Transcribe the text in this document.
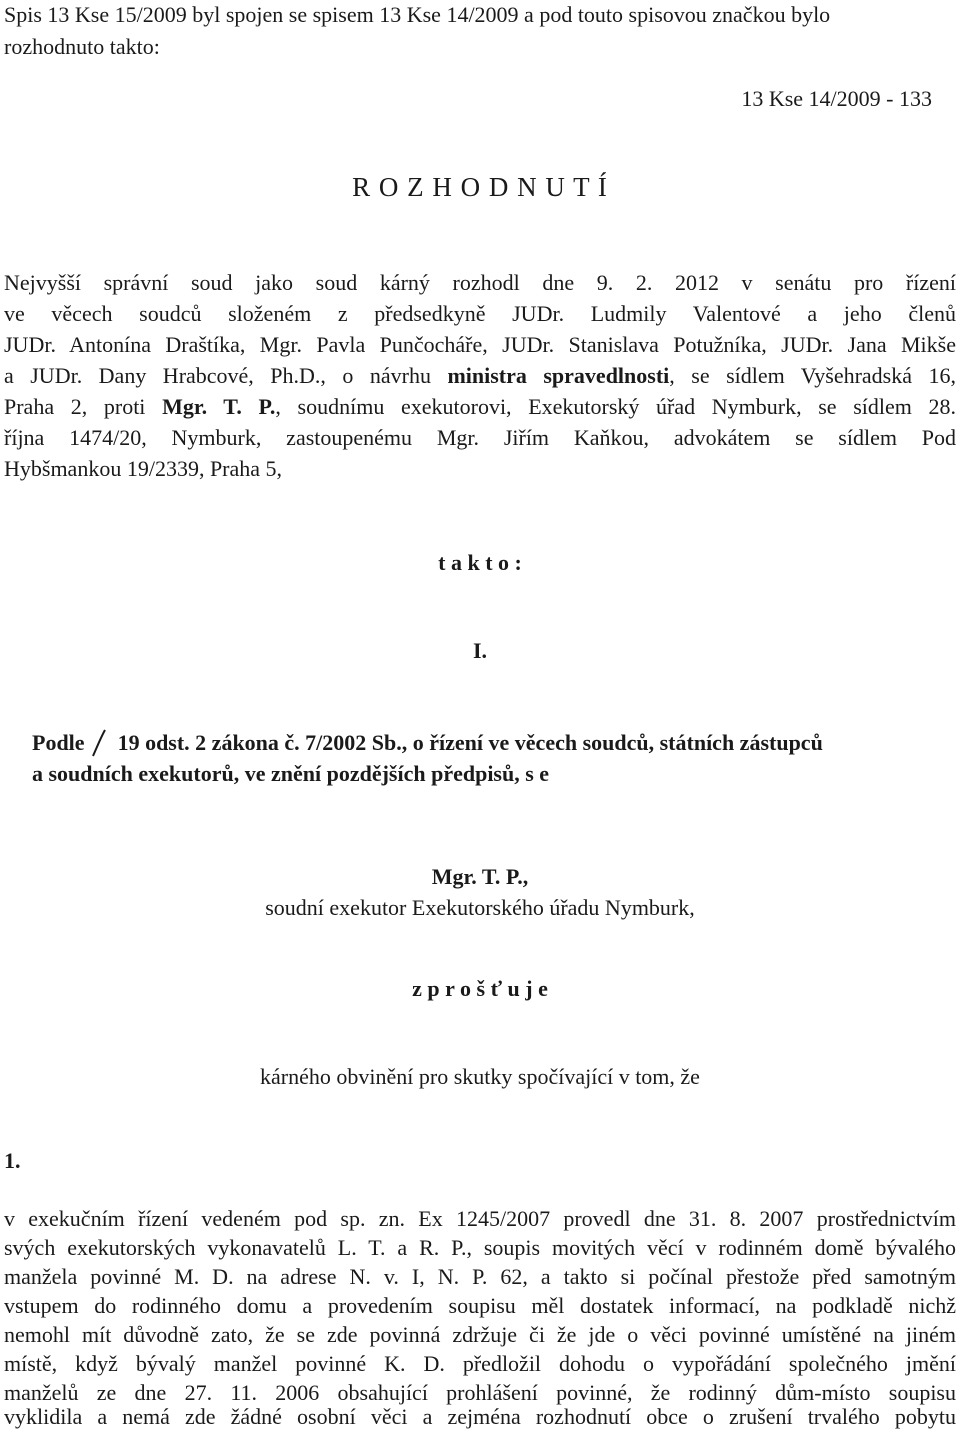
Spis 13 Kse 15/2009 byl spojen se spisem 13 Kse 14/2009 a pod touto spisovou značkou bylo
rozhodnuto takto:
13 Kse 14/2009 - 133
R O Z H O D N U T Í
Nejvyšší správní soud jako soud kárný rozhodl dne 9. 2. 2012 v senátu pro řízení
ve věcech soudců složeném z předsedkyně JUDr. Ludmily Valentové a jeho členů
JUDr. Antonína Draštíka, Mgr. Pavla Punčocháře, JUDr. Stanislava Potužníka, JUDr. Jana Mikše
a JUDr. Dany Hrabcové, Ph.D., o návrhu ministra spravedlnosti, se sídlem Vyšehradská 16,
Praha 2, proti Mgr. T. P., soudnímu exekutorovi, Exekutorský úřad Nymburk, se sídlem 28.
října 1474/20, Nymburk, zastoupenému Mgr. Jiřím Kaňkou, advokátem se sídlem Pod
Hybšmankou 19/2339, Praha 5,
t a k t o :
I.
Podle 19 odst. 2 zákona č. 7/2002 Sb., o řízení ve věcech soudců, státních zástupců
a soudních exekutorů, ve znění pozdějších předpisů, s e
Mgr. T. P.,
soudní exekutor Exekutorského úřadu Nymburk,
z p r o š ť u j e
kárného obvinění pro skutky spočívající v tom, že
1.
v exekučním řízení vedeném pod sp. zn. Ex 1245/2007 provedl dne 31. 8. 2007 prostřednictvím
svých exekutorských vykonavatelů L. T. a R. P., soupis movitých věcí v rodinném domě bývalého
manžela povinné M. D. na adrese N. v. I, N. P. 62, a takto si počínal přestože před samotným
vstupem do rodinného domu a provedením soupisu měl dostatek informací, na podkladě nichž
nemohl mít důvodně zato, že se zde povinná zdržuje či že jde o věci povinné umístěné na jiném
místě, když bývalý manžel povinné K. D. předložil dohodu o vypořádání společného jmění
manželů ze dne 27. 11. 2006 obsahující prohlášení povinné, že rodinný dům-místo soupisu
vyklidila a nemá zde žádné osobní věci a zejména rozhodnutí obce o zrušení trvalého pobytu
